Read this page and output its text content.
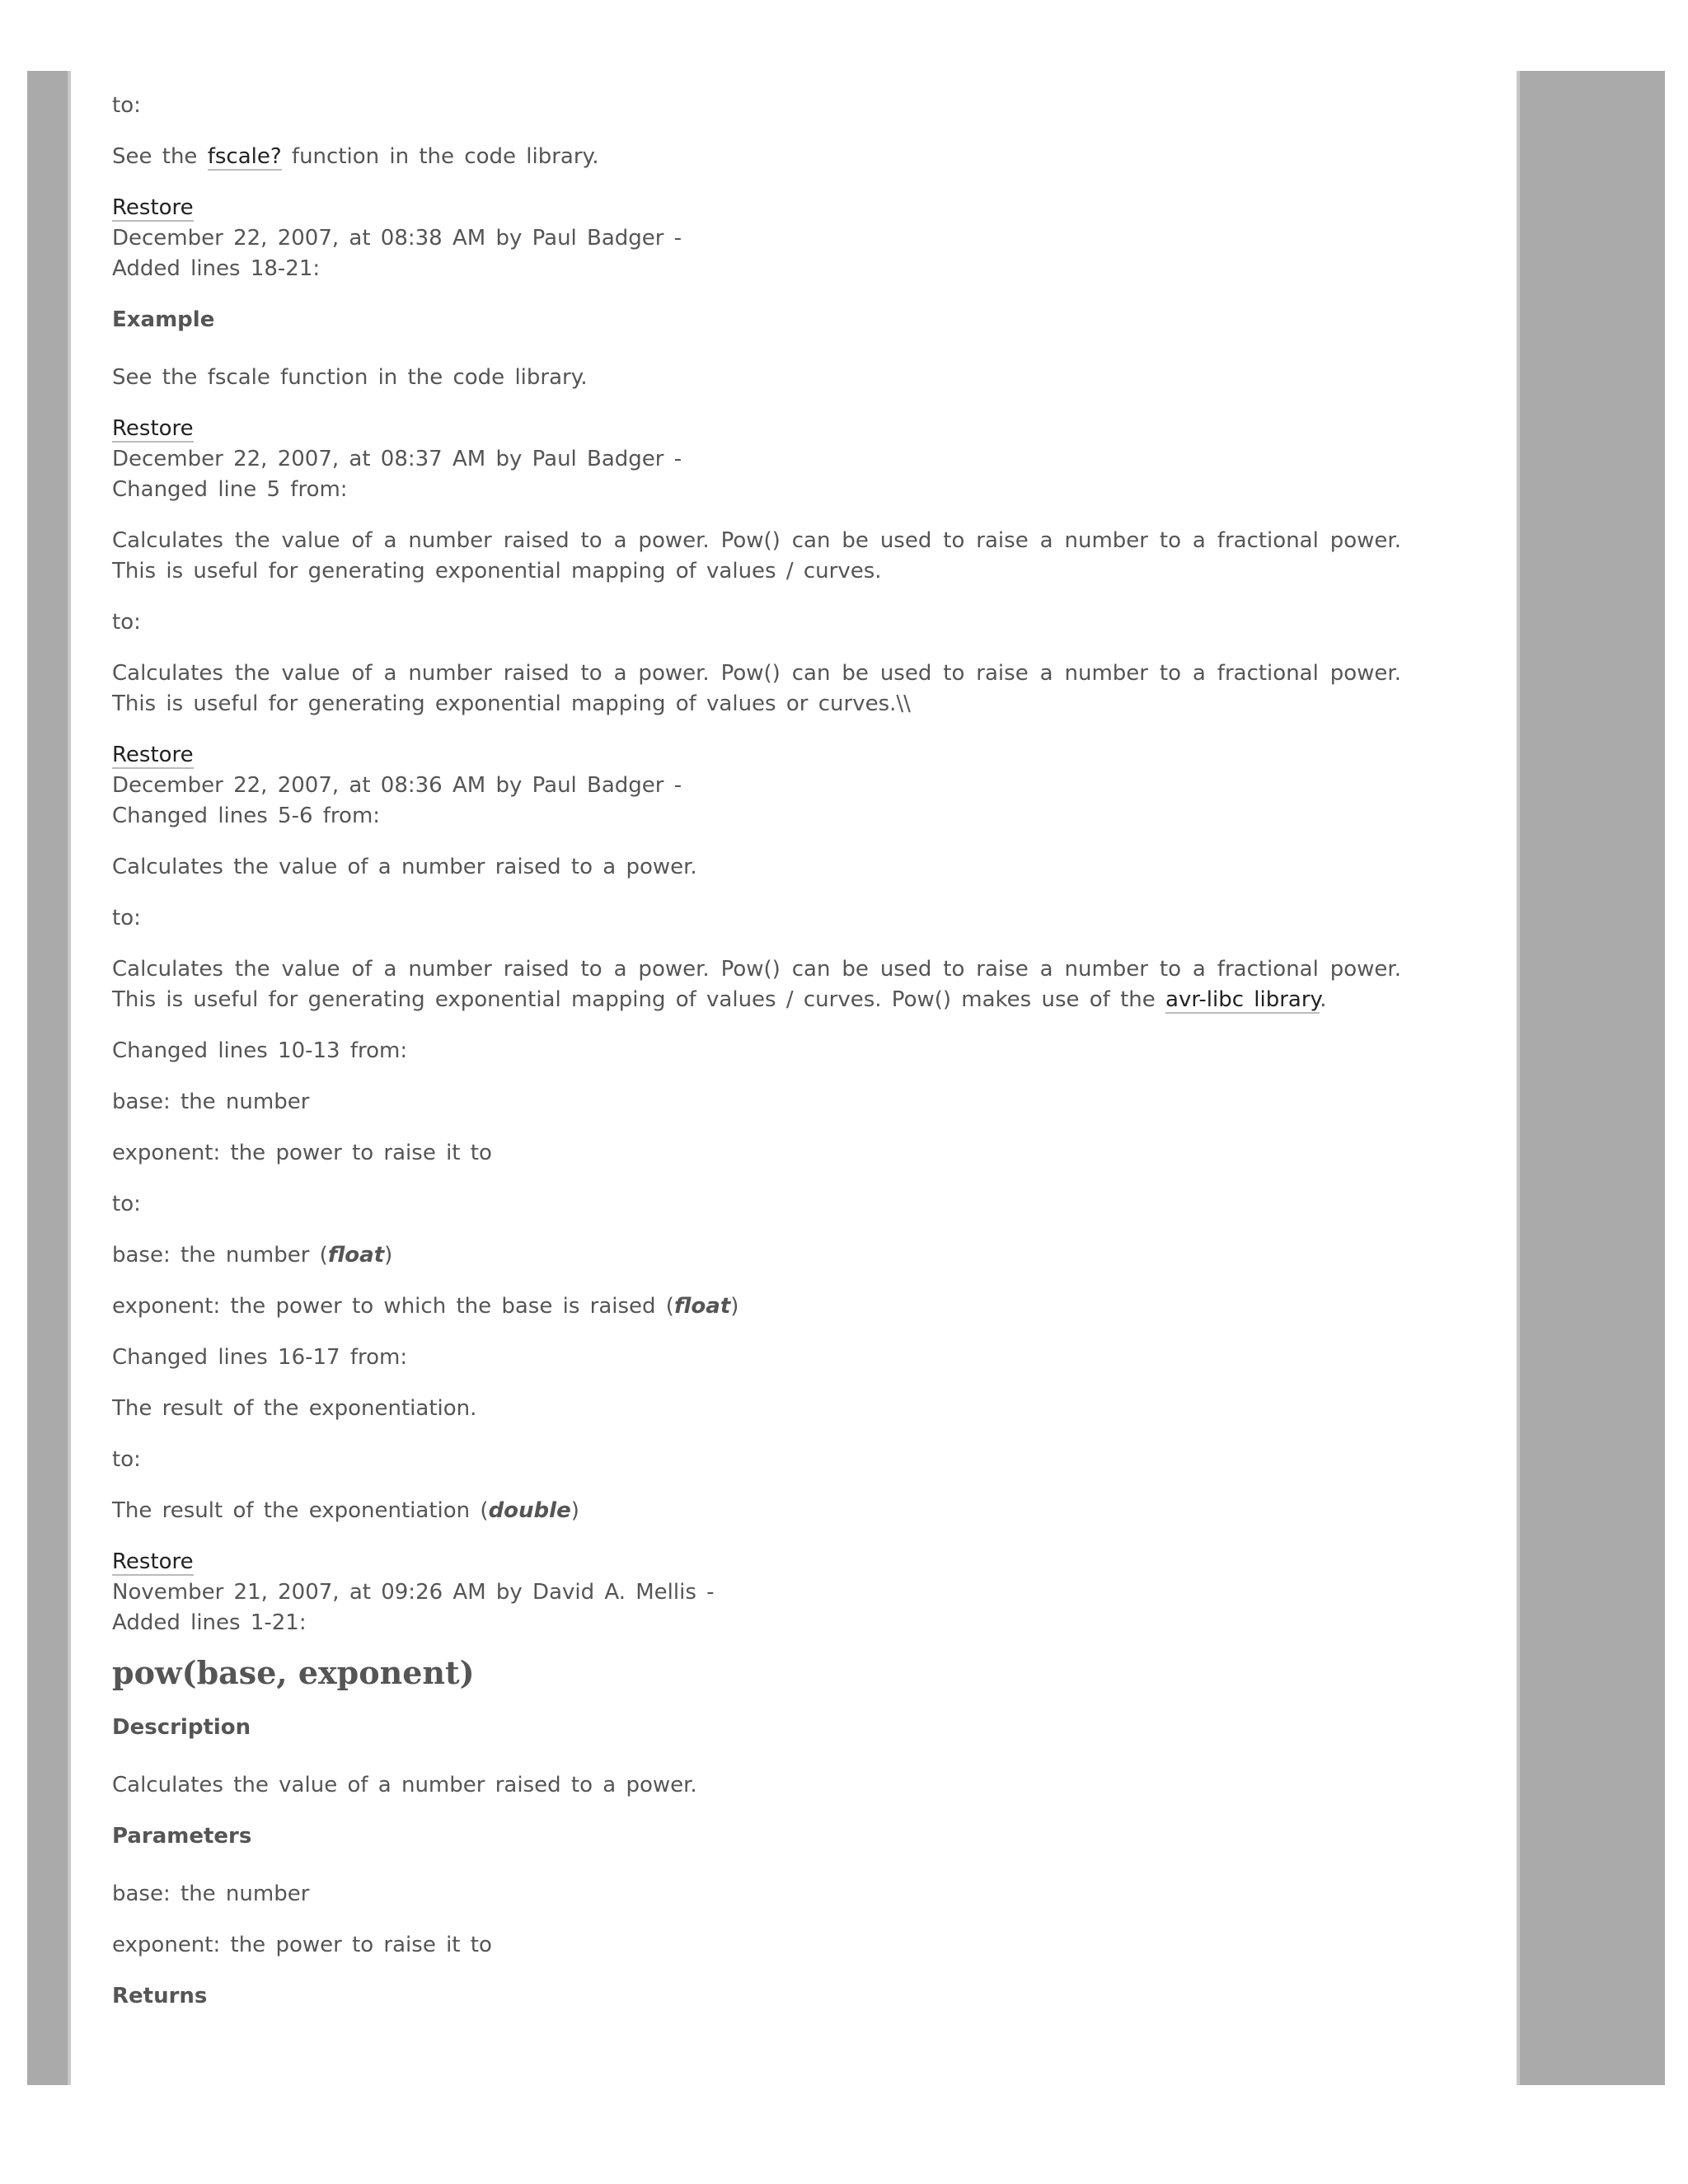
to:

See the fscale? function in the code library.

Restore
December 22, 2007, at 08:38 AM by Paul Badger -
Added lines 18-21:

Example

See the fscale function in the code library.

Restore
December 22, 2007, at 08:37 AM by Paul Badger -
Changed line 5 from:

Calculates the value of a number raised to a power. Pow() can be used to raise a number to a fractional power. This is useful for generating exponential mapping of values / curves.

to:

Calculates the value of a number raised to a power. Pow() can be used to raise a number to a fractional power. This is useful for generating exponential mapping of values or curves.\\

Restore
December 22, 2007, at 08:36 AM by Paul Badger -
Changed lines 5-6 from:

Calculates the value of a number raised to a power.

to:

Calculates the value of a number raised to a power. Pow() can be used to raise a number to a fractional power. This is useful for generating exponential mapping of values / curves. Pow() makes use of the avr-libc library.

Changed lines 10-13 from:

base: the number

exponent: the power to raise it to

to:

base: the number (float)

exponent: the power to which the base is raised (float)

Changed lines 16-17 from:

The result of the exponentiation.

to:

The result of the exponentiation (double)

Restore
November 21, 2007, at 09:26 AM by David A. Mellis -
Added lines 1-21:
pow(base, exponent)

Description

Calculates the value of a number raised to a power.

Parameters

base: the number

exponent: the power to raise it to

Returns
